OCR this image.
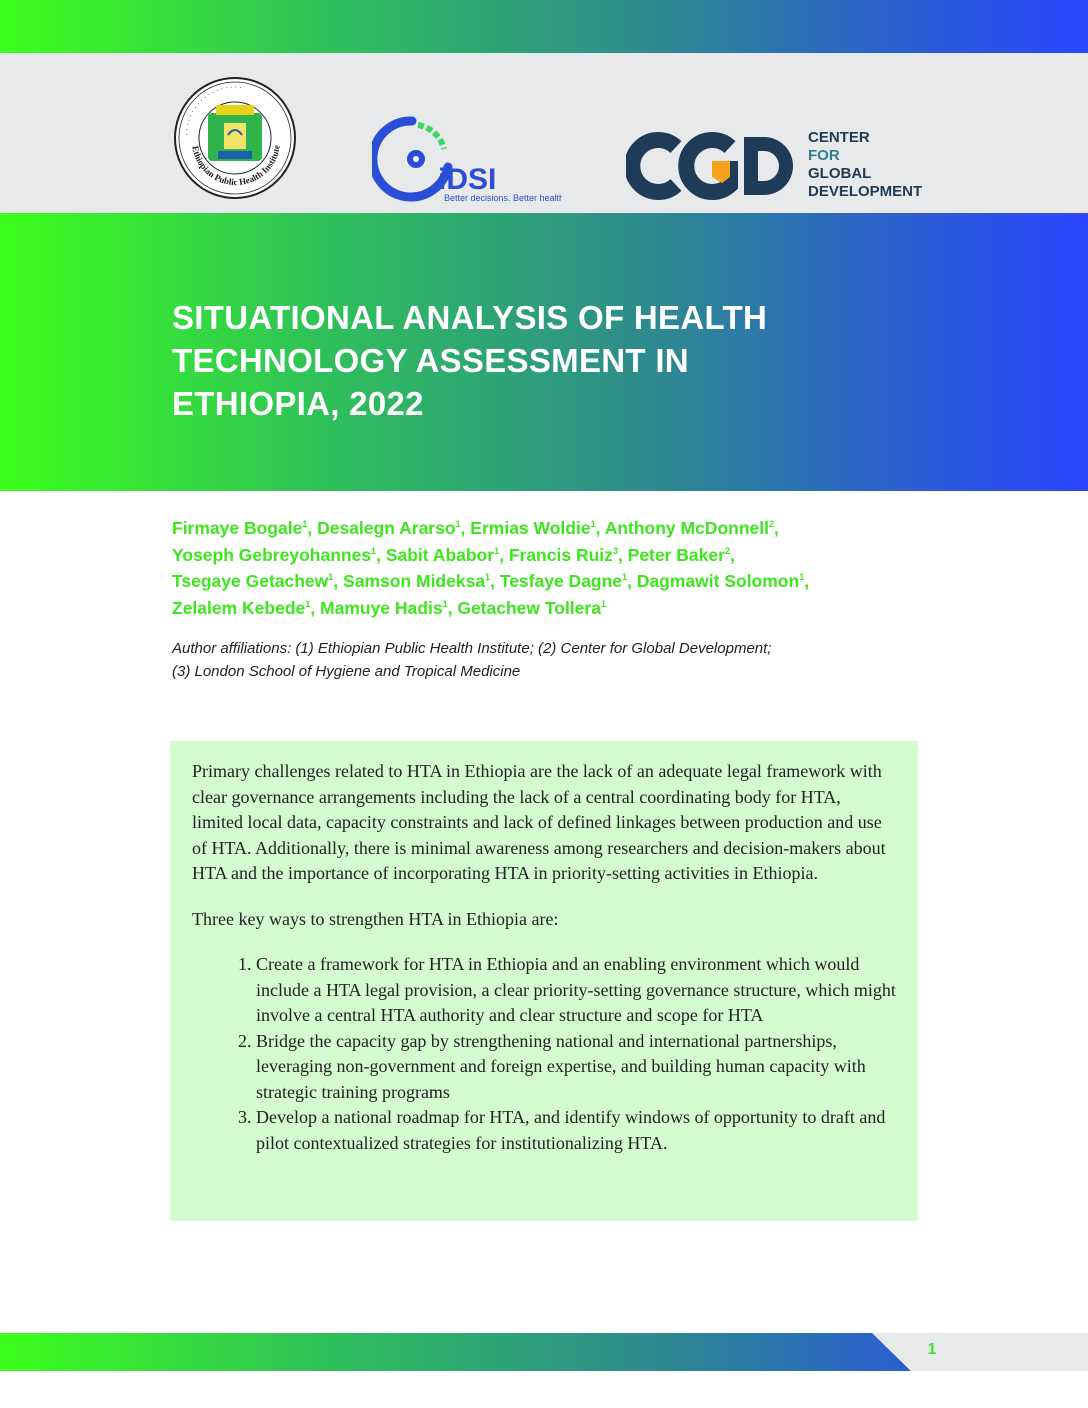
Ethiopian Public Health Institute
· · · · · · · · · · · · · · · · · ·
iDSI
Better decisions. Better health.
CENTER
FOR
GLOBAL
DEVELOPMENT
SITUATIONAL ANALYSIS OF HEALTH
TECHNOLOGY ASSESSMENT IN
ETHIOPIA, 2022
Firmaye Bogale$^1$, Desalegn Ararso$^1$, Ermias Woldie$^1$, Anthony McDonnell$^2$,
Yoseph Gebreyohannes$^1$, Sabit Ababor$^1$, Francis Ruiz$^3$, Peter Baker$^2$,
Tsegaye Getachew$^1$, Samson Mideksa$^1$, Tesfaye Dagne$^1$, Dagmawit Solomon$^1$,
Zelalem Kebede$^1$, Mamuye Hadis$^1$, Getachew Tollera$^1$
Author affiliations: (1) Ethiopian Public Health Institute; (2) Center for Global Development;
(3) London School of Hygiene and Tropical Medicine

Primary challenges related to HTA in Ethiopia are the lack of an adequate legal framework with clear governance arrangements including the lack of a central coordinating body for HTA, limited local data, capacity constraints and lack of defined linkages between production and use of HTA. Additionally, there is minimal awareness among researchers and decision-makers about HTA and the importance of incorporating HTA in priority-setting activities in Ethiopia.

Three key ways to strengthen HTA in Ethiopia are:

1. Create a framework for HTA in Ethiopia and an enabling environment which would include a HTA legal provision, a clear priority-setting governance structure, which might involve a central HTA authority and clear structure and scope for HTA
2. Bridge the capacity gap by strengthening national and international partnerships, leveraging non-government and foreign expertise, and building human capacity with strategic training programs
3. Develop a national roadmap for HTA, and identify windows of opportunity to draft and pilot contextualized strategies for institutionalizing HTA.
1
